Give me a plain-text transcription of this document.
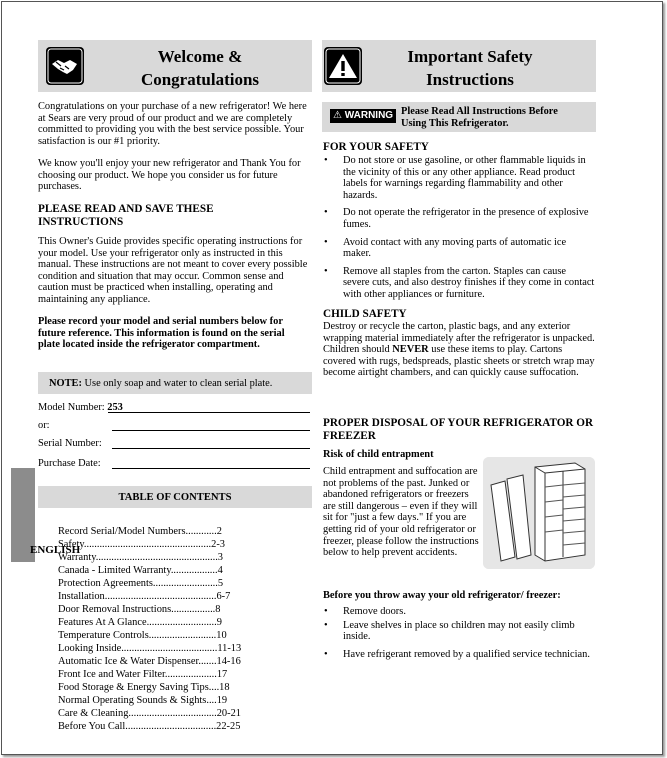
Welcome &
Congratulations
Important Safety
Instructions
Congratulations on your purchase of a new refrigerator! We here at Sears are very proud of our product and we are completely committed to providing you with the best service possible. Your satisfaction is our #1 priority.
We know you'll enjoy your new refrigerator and Thank You for choosing our product. We hope you consider us for future purchases.
PLEASE READ AND SAVE THESE INSTRUCTIONS
This Owner's Guide provides specific operating instructions for your model. Use your refrigerator only as instructed in this manual. These instructions are not meant to cover every possible condition and situation that may occur. Common sense and caution must be practiced when installing, operating and maintaining any appliance.
Please record your model and serial numbers below for future reference. This information is found on the serial plate located inside the refrigerator compartment.
NOTE: Use only soap and water to clean serial plate.
Model Number: 253
or:
Serial Number:
Purchase Date:
TABLE OF CONTENTS
Record Serial/Model Numbers............2
Safety.................................................2-3
Warranty...............................................3
Canada - Limited Warranty..................4
Protection Agreements.........................5
Installation...........................................6-7
Door Removal Instructions.................8
Features At A Glance...........................9
Temperature Controls..........................10
Looking Inside.....................................11-13
Automatic Ice & Water Dispenser.......14-16
Front Ice and Water Filter....................17
Food Storage & Energy Saving Tips....18
Normal Operating Sounds & Sights....19
Care & Cleaning..................................20-21
Before You Call...................................22-25
ENGLISH
⚠ WARNING Please Read All Instructions Before
Using This Refrigerator.
FOR YOUR SAFETY
• Do not store or use gasoline, or other flammable liquids in the vicinity of this or any other appliance. Read product labels for warnings regarding flammability and other hazards.
• Do not operate the refrigerator in the presence of explosive fumes.
• Avoid contact with any moving parts of automatic ice maker.
• Remove all staples from the carton. Staples can cause severe cuts, and also destroy finishes if they come in contact with other appliances or furniture.
CHILD SAFETY
Destroy or recycle the carton, plastic bags, and any exterior wrapping material immediately after the refrigerator is unpacked. Children should NEVER use these items to play. Cartons covered with rugs, bedspreads, plastic sheets or stretch wrap may become airtight chambers, and can quickly cause suffocation.
PROPER DISPOSAL OF YOUR REFRIGERATOR OR FREEZER
Risk of child entrapment
Child entrapment and suffocation are not problems of the past. Junked or abandoned refrigerators or freezers are still dangerous – even if they will sit for "just a few days." If you are getting rid of your old refrigerator or freezer, please follow the instructions below to help prevent accidents.
Before you throw away your old refrigerator/ freezer:
• Remove doors.
• Leave shelves in place so children may not easily climb inside.
• Have refrigerant removed by a qualified service technician.
